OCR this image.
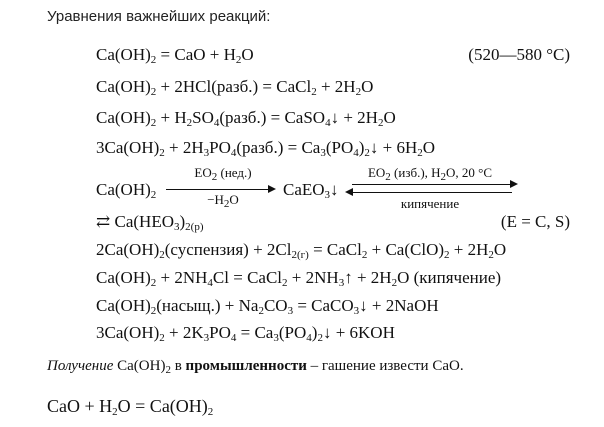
Уравнения важнейших реакций:
$Ca(OH)_2$ = CaO + $H_2O$	(520—580 °C)
$Ca(OH)_2$ + 2HCl(разб.) = CaCl$_2$ + $2H_2O$
$Ca(OH)_2$ + $H_2SO_4(разб.)$ = CaSO$_4$↓ + $2H_2O$
$3Ca(OH)_2$ + $2H_3PO_4(разб.)$ = $Ca_3(PO_4)_2↓ + 6H_2O$
$Ca(OH)_2$
$EO_2$ (нед.)
$-H_2O$
CaEO$_3$↓
$EO_2$ (изб.), $H_2O$, 20 °C
кипячение
⇄ $Ca(HEO_3)_{2(р)}$	(E = C, S)
$2Ca(OH)_2(суспензия) + 2Cl_{2(г)}$ = CaCl$_2$ + $Ca(ClO)_2 + 2H_2O$
$Ca(OH)_2 + 2NH_4Cl$ = CaCl$_2$ + $2NH_3↑ + 2H_2O$ (кипячение)
$Ca(OH)_2(насыщ.) + Na_2CO_3$ = CaCO$_3$↓ + 2NaOH
$3Ca(OH)_2 + 2K_3PO_4$ = $Ca_3(PO_4)_2↓ + 6KOH$
Получение $Ca(OH)_2$ в промышленности – гашение извести CaO.
CaO + $H_2O = Ca(OH)_2$
